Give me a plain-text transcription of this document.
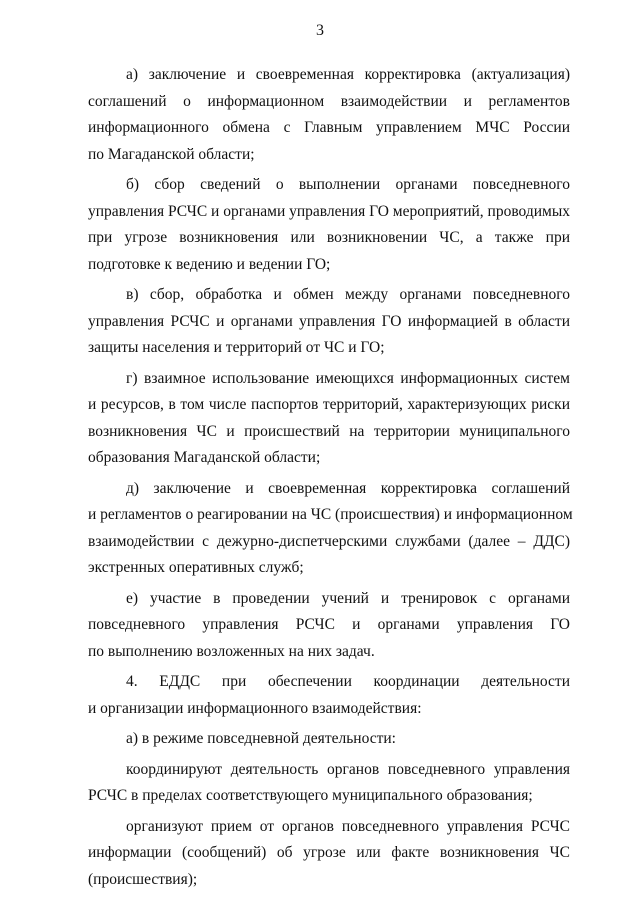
3
а) заключение и своевременная корректировка (актуализация)
соглашений о информационном взаимодействии и регламентов
информационного обмена с Главным управлением МЧС России
по Магаданской области;
б) сбор сведений о выполнении органами повседневного
управления РСЧС и органами управления ГО мероприятий, проводимых
при угрозе возникновения или возникновении ЧС, а также при
подготовке к ведению и ведении ГО;
в) сбор, обработка и обмен между органами повседневного
управления РСЧС и органами управления ГО информацией в области
защиты населения и территорий от ЧС и ГО;
г) взаимное использование имеющихся информационных систем
и ресурсов, в том числе паспортов территорий, характеризующих риски
возникновения ЧС и происшествий на территории муниципального
образования Магаданской области;
д) заключение и своевременная корректировка соглашений
и регламентов о реагировании на ЧС (происшествия) и информационном
взаимодействии с дежурно-диспетчерскими службами (далее – ДДС)
экстренных оперативных служб;
е) участие в проведении учений и тренировок с органами
повседневного управления РСЧС и органами управления ГО
по выполнению возложенных на них задач.
4. ЕДДС при обеспечении координации деятельности
и организации информационного взаимодействия:
а) в режиме повседневной деятельности:
координируют деятельность органов повседневного управления
РСЧС в пределах соответствующего муниципального образования;
организуют прием от органов повседневного управления РСЧС
информации (сообщений) об угрозе или факте возникновения ЧС
(происшествия);
